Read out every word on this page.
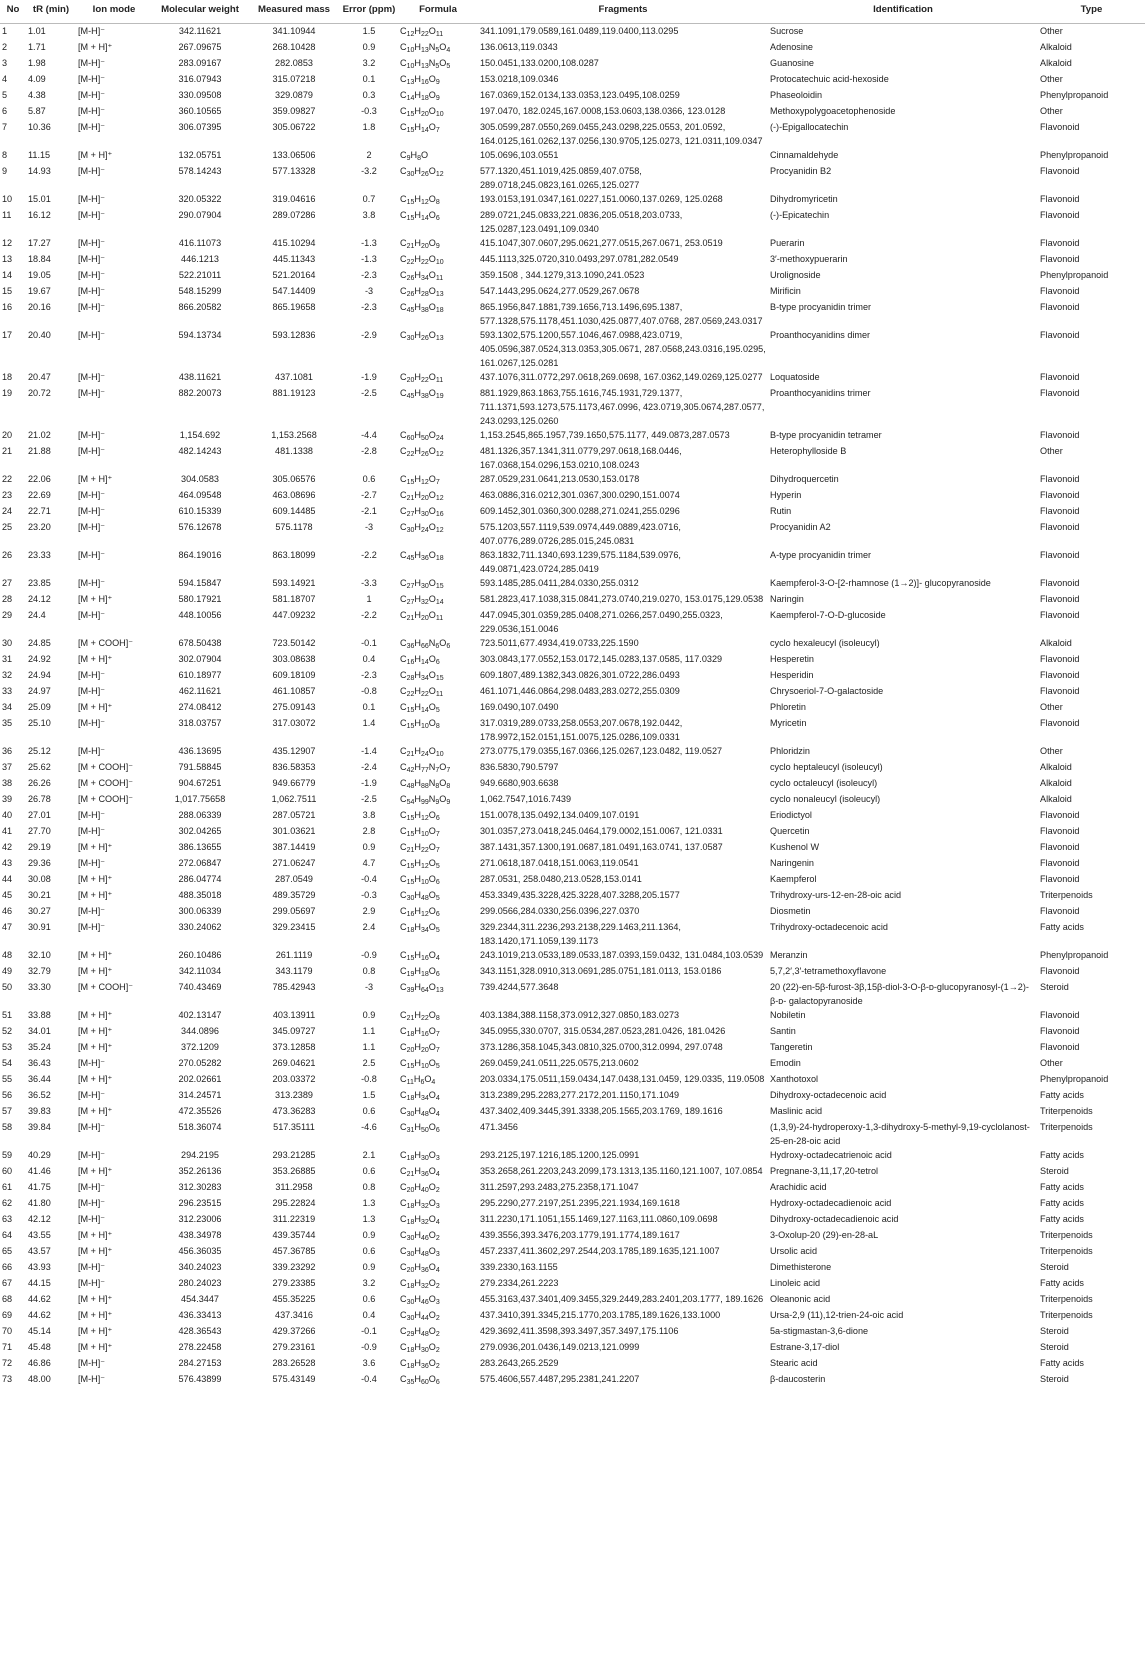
No	tR (min)	Ion mode	Molecular weight	Measured mass	Error (ppm)	Formula	Fragments	Identification	Type
1	1.01	[M-H]⁻	342.11621	341.10944	1.5	$C_{12}H_{22}O_{11}$	341.1091,179.0589,161.0489,119.0400,113.0295	Sucrose	Other
2	1.71	[M + H]⁺	267.09675	268.10428	0.9	$C_{10}H_{13}N_5O_4$	136.0613,119.0343	Adenosine	Alkaloid
3	1.98	[M-H]⁻	283.09167	282.0853	3.2	$C_{10}H_{13}N_5O_5$	150.0451,133.0200,108.0287	Guanosine	Alkaloid
4	4.09	[M-H]⁻	316.07943	315.07218	0.1	$C_{13}H_{16}O_9$	153.0218,109.0346	Protocatechuic acid-hexoside	Other
5	4.38	[M-H]⁻	330.09508	329.0879	0.3	$C_{14}H_{18}O_9$	167.0369,152.0134,133.0353,123.0495,108.0259	Phaseoloidin	Phenylpropanoid
6	5.87	[M-H]⁻	360.10565	359.09827	-0.3	$C_{15}H_{20}O_{10}$	197.0470, 182.0245,167.0008,153.0603,138.0366, 123.0128	Methoxypolygoacetophenoside	Other
7	10.36	[M-H]⁻	306.07395	305.06722	1.8	$C_{15}H_{14}O_7$	305.0599,287.0550,269.0455,243.0298,225.0553, 201.0592, 164.0125,161.0262,137.0256,130.9705,125.0273, 121.0311,109.0347	(-)-Epigallocatechin	Flavonoid
8	11.15	[M + H]⁺	132.05751	133.06506	2	$C_9H_8O$	105.0696,103.0551	Cinnamaldehyde	Phenylpropanoid
9	14.93	[M-H]⁻	578.14243	577.13328	-3.2	$C_{30}H_{26}O_{12}$	577.1320,451.1019,425.0859,407.0758, 289.0718,245.0823,161.0265,125.0277	Procyanidin B2	Flavonoid
10	15.01	[M-H]⁻	320.05322	319.04616	0.7	$C_{15}H_{12}O_8$	193.0153,191.0347,161.0227,151.0060,137.0269, 125.0268	Dihydromyricetin	Flavonoid
11	16.12	[M-H]⁻	290.07904	289.07286	3.8	$C_{15}H_{14}O_6$	289.0721,245.0833,221.0836,205.0518,203.0733, 125.0287,123.0491,109.0340	(-)-Epicatechin	Flavonoid
12	17.27	[M-H]⁻	416.11073	415.10294	-1.3	$C_{21}H_{20}O_9$	415.1047,307.0607,295.0621,277.0515,267.0671, 253.0519	Puerarin	Flavonoid
13	18.84	[M-H]⁻	446.1213	445.11343	-1.3	$C_{22}H_{22}O_{10}$	445.1113,325.0720,310.0493,297.0781,282.0549	3′-methoxypuerarin	Flavonoid
14	19.05	[M-H]⁻	522.21011	521.20164	-2.3	$C_{26}H_{34}O_{11}$	359.1508 , 344.1279,313.1090,241.0523	Urolignoside	Phenylpropanoid
15	19.67	[M-H]⁻	548.15299	547.14409	-3	$C_{26}H_{28}O_{13}$	547.1443,295.0624,277.0529,267.0678	Mirificin	Flavonoid
16	20.16	[M-H]⁻	866.20582	865.19658	-2.3	$C_{45}H_{38}O_{18}$	865.1956,847.1881,739.1656,713.1496,695.1387, 577.1328,575.1178,451.1030,425.0877,407.0768, 287.0569,243.0317	B-type procyanidin trimer	Flavonoid
17	20.40	[M-H]⁻	594.13734	593.12836	-2.9	$C_{30}H_{26}O_{13}$	593.1302,575.1200,557.1046,467.0988,423.0719, 405.0596,387.0524,313.0353,305.0671, 287.0568,243.0316,195.0295, 161.0267,125.0281	Proanthocyanidins dimer	Flavonoid
18	20.47	[M-H]⁻	438.11621	437.1081	-1.9	$C_{20}H_{22}O_{11}$	437.1076,311.0772,297.0618,269.0698, 167.0362,149.0269,125.0277	Loquatoside	Flavonoid
19	20.72	[M-H]⁻	882.20073	881.19123	-2.5	$C_{45}H_{38}O_{19}$	881.1929,863.1863,755.1616,745.1931,729.1377, 711.1371,593.1273,575.1173,467.0996, 423.0719,305.0674,287.0577, 243.0293,125.0260	Proanthocyanidins trimer	Flavonoid
20	21.02	[M-H]⁻	1,154.692	1,153.2568	-4.4	$C_{60}H_{50}O_{24}$	1,153.2545,865.1957,739.1650,575.1177, 449.0873,287.0573	B-type procyanidin tetramer	Flavonoid
21	21.88	[M-H]⁻	482.14243	481.1338	-2.8	$C_{22}H_{26}O_{12}$	481.1326,357.1341,311.0779,297.0618,168.0446, 167.0368,154.0296,153.0210,108.0243	Heterophylloside B	Other
22	22.06	[M + H]⁺	304.0583	305.06576	0.6	$C_{15}H_{12}O_7$	287.0529,231.0641,213.0530,153.0178	Dihydroquercetin	Flavonoid
23	22.69	[M-H]⁻	464.09548	463.08696	-2.7	$C_{21}H_{20}O_{12}$	463.0886,316.0212,301.0367,300.0290,151.0074	Hyperin	Flavonoid
24	22.71	[M-H]⁻	610.15339	609.14485	-2.1	$C_{27}H_{30}O_{16}$	609.1452,301.0360,300.0288,271.0241,255.0296	Rutin	Flavonoid
25	23.20	[M-H]⁻	576.12678	575.1178	-3	$C_{30}H_{24}O_{12}$	575.1203,557.1119,539.0974,449.0889,423.0716, 407.0776,289.0726,285.015,245.0831	Procyanidin A2	Flavonoid
26	23.33	[M-H]⁻	864.19016	863.18099	-2.2	$C_{45}H_{36}O_{18}$	863.1832,711.1340,693.1239,575.1184,539.0976, 449.0871,423.0724,285.0419	A-type procyanidin trimer	Flavonoid
27	23.85	[M-H]⁻	594.15847	593.14921	-3.3	$C_{27}H_{30}O_{15}$	593.1485,285.0411,284.0330,255.0312	Kaempferol-3-O-[2-rhamnose (1→2)]- glucopyranoside	Flavonoid
28	24.12	[M + H]⁺	580.17921	581.18707	1	$C_{27}H_{32}O_{14}$	581.2823,417.1038,315.0841,273.0740,219.0270, 153.0175,129.0538	Naringin	Flavonoid
29	24.4	[M-H]⁻	448.10056	447.09232	-2.2	$C_{21}H_{20}O_{11}$	447.0945,301.0359,285.0408,271.0266,257.0490,255.0323, 229.0536,151.0046	Kaempferol-7-O-D-glucoside	Flavonoid
30	24.85	[M + COOH]⁻	678.50438	723.50142	-0.1	$C_{36}H_{66}N_6O_6$	723.5011,677.4934,419.0733,225.1590	cyclo hexaleucyl (isoleucyl)	Alkaloid
31	24.92	[M + H]⁺	302.07904	303.08638	0.4	$C_{16}H_{14}O_6$	303.0843,177.0552,153.0172,145.0283,137.0585, 117.0329	Hesperetin	Flavonoid
32	24.94	[M-H]⁻	610.18977	609.18109	-2.3	$C_{28}H_{34}O_{15}$	609.1807,489.1382,343.0826,301.0722,286.0493	Hesperidin	Flavonoid
33	24.97	[M-H]⁻	462.11621	461.10857	-0.8	$C_{22}H_{22}O_{11}$	461.1071,446.0864,298.0483,283.0272,255.0309	Chrysoeriol-7-O-galactoside	Flavonoid
34	25.09	[M + H]⁺	274.08412	275.09143	0.1	$C_{15}H_{14}O_5$	169.0490,107.0490	Phloretin	Other
35	25.10	[M-H]⁻	318.03757	317.03072	1.4	$C_{15}H_{10}O_8$	317.0319,289.0733,258.0553,207.0678,192.0442, 178.9972,152.0151,151.0075,125.0286,109.0331	Myricetin	Flavonoid
36	25.12	[M-H]⁻	436.13695	435.12907	-1.4	$C_{21}H_{24}O_{10}$	273.0775,179.0355,167.0366,125.0267,123.0482, 119.0527	Phloridzin	Other
37	25.62	[M + COOH]⁻	791.58845	836.58353	-2.4	$C_{42}H_{77}N_7O_7$	836.5830,790.5797	cyclo heptaleucyl (isoleucyl)	Alkaloid
38	26.26	[M + COOH]⁻	904.67251	949.66779	-1.9	$C_{48}H_{88}N_8O_8$	949.6680,903.6638	cyclo octaleucyl (isoleucyl)	Alkaloid
39	26.78	[M + COOH]⁻	1,017.75658	1,062.7511	-2.5	$C_{54}H_{99}N_9O_9$	1,062.7547,1016.7439	cyclo nonaleucyl (isoleucyl)	Alkaloid
40	27.01	[M-H]⁻	288.06339	287.05721	3.8	$C_{15}H_{12}O_6$	151.0078,135.0492,134.0409,107.0191	Eriodictyol	Flavonoid
41	27.70	[M-H]⁻	302.04265	301.03621	2.8	$C_{15}H_{10}O_7$	301.0357,273.0418,245.0464,179.0002,151.0067, 121.0331	Quercetin	Flavonoid
42	29.19	[M + H]⁺	386.13655	387.14419	0.9	$C_{21}H_{22}O_7$	387.1431,357.1300,191.0687,181.0491,163.0741, 137.0587	Kushenol W	Flavonoid
43	29.36	[M-H]⁻	272.06847	271.06247	4.7	$C_{15}H_{12}O_5$	271.0618,187.0418,151.0063,119.0541	Naringenin	Flavonoid
44	30.08	[M + H]⁺	286.04774	287.0549	-0.4	$C_{15}H_{10}O_6$	287.0531, 258.0480,213.0528,153.0141	Kaempferol	Flavonoid
45	30.21	[M + H]⁺	488.35018	489.35729	-0.3	$C_{30}H_{48}O_5$	453.3349,435.3228,425.3228,407.3288,205.1577	Trihydroxy-urs-12-en-28-oic acid	Triterpenoids
46	30.27	[M-H]⁻	300.06339	299.05697	2.9	$C_{16}H_{12}O_6$	299.0566,284.0330,256.0396,227.0370	Diosmetin	Flavonoid
47	30.91	[M-H]⁻	330.24062	329.23415	2.4	$C_{18}H_{34}O_5$	329.2344,311.2236,293.2138,229.1463,211.1364, 183.1420,171.1059,139.1173	Trihydroxy-octadecenoic acid	Fatty acids
48	32.10	[M + H]⁺	260.10486	261.1119	-0.9	$C_{15}H_{16}O_4$	243.1019,213.0533,189.0533,187.0393,159.0432, 131.0484,103.0539	Meranzin	Phenylpropanoid
49	32.79	[M + H]⁺	342.11034	343.1179	0.8	$C_{19}H_{18}O_6$	343.1151,328.0910,313.0691,285.0751,181.0113, 153.0186	5,7,2′,3′-tetramethoxyflavone	Flavonoid
50	33.30	[M + COOH]⁻	740.43469	785.42943	-3	$C_{39}H_{64}O_{13}$	739.4244,577.3648	20 (22)-en-5β-furost-3β,15β-diol-3-O-β-ᴅ-glucopyranosyl-(1→2)-β-ᴅ- galactopyranoside	Steroid
51	33.88	[M + H]⁺	402.13147	403.13911	0.9	$C_{21}H_{22}O_8$	403.1384,388.1158,373.0912,327.0850,183.0273	Nobiletin	Flavonoid
52	34.01	[M + H]⁺	344.0896	345.09727	1.1	$C_{18}H_{16}O_7$	345.0955,330.0707, 315.0534,287.0523,281.0426, 181.0426	Santin	Flavonoid
53	35.24	[M + H]⁺	372.1209	373.12858	1.1	$C_{20}H_{20}O_7$	373.1286,358.1045,343.0810,325.0700,312.0994, 297.0748	Tangeretin	Flavonoid
54	36.43	[M-H]⁻	270.05282	269.04621	2.5	$C_{15}H_{10}O_5$	269.0459,241.0511,225.0575,213.0602	Emodin	Other
55	36.44	[M + H]⁺	202.02661	203.03372	-0.8	$C_{11}H_6O_4$	203.0334,175.0511,159.0434,147.0438,131.0459, 129.0335, 119.0508	Xanthotoxol	Phenylpropanoid
56	36.52	[M-H]⁻	314.24571	313.2389	1.5	$C_{18}H_{34}O_4$	313.2389,295.2283,277.2172,201.1150,171.1049	Dihydroxy-octadecenoic acid	Fatty acids
57	39.83	[M + H]⁺	472.35526	473.36283	0.6	$C_{30}H_{48}O_4$	437.3402,409.3445,391.3338,205.1565,203.1769, 189.1616	Maslinic acid	Triterpenoids
58	39.84	[M-H]⁻	518.36074	517.35111	-4.6	$C_{31}H_{50}O_6$	471.3456	(1,3,9)-24-hydroperoxy-1,3-dihydroxy-5-methyl-9,19-cyclolanost- 25-en-28-oic acid	Triterpenoids
59	40.29	[M-H]⁻	294.2195	293.21285	2.1	$C_{18}H_{30}O_3$	293.2125,197.1216,185.1200,125.0991	Hydroxy-octadecatrienoic acid	Fatty acids
60	41.46	[M + H]⁺	352.26136	353.26885	0.6	$C_{21}H_{36}O_4$	353.2658,261.2203,243.2099,173.1313,135.1160,121.1007, 107.0854	Pregnane-3,11,17,20-tetrol	Steroid
61	41.75	[M-H]⁻	312.30283	311.2958	0.8	$C_{20}H_{40}O_2$	311.2597,293.2483,275.2358,171.1047	Arachidic acid	Fatty acids
62	41.80	[M-H]⁻	296.23515	295.22824	1.3	$C_{18}H_{32}O_3$	295.2290,277.2197,251.2395,221.1934,169.1618	Hydroxy-octadecadienoic acid	Fatty acids
63	42.12	[M-H]⁻	312.23006	311.22319	1.3	$C_{18}H_{32}O_4$	311.2230,171.1051,155.1469,127.1163,111.0860,109.0698	Dihydroxy-octadecadienoic acid	Fatty acids
64	43.55	[M + H]⁺	438.34978	439.35744	0.9	$C_{30}H_{46}O_2$	439.3556,393.3476,203.1779,191.1774,189.1617	3-Oxolup-20 (29)-en-28-aL	Triterpenoids
65	43.57	[M + H]⁺	456.36035	457.36785	0.6	$C_{30}H_{48}O_3$	457.2337,411.3602,297.2544,203.1785,189.1635,121.1007	Ursolic acid	Triterpenoids
66	43.93	[M-H]⁻	340.24023	339.23292	0.9	$C_{20}H_{36}O_4$	339.2330,163.1155	Dimethisterone	Steroid
67	44.15	[M-H]⁻	280.24023	279.23385	3.2	$C_{18}H_{32}O_2$	279.2334,261.2223	Linoleic acid	Fatty acids
68	44.62	[M + H]⁺	454.3447	455.35225	0.6	$C_{30}H_{46}O_3$	455.3163,437.3401,409.3455,329.2449,283.2401,203.1777, 189.1626	Oleanonic acid	Triterpenoids
69	44.62	[M + H]⁺	436.33413	437.3416	0.4	$C_{30}H_{44}O_2$	437.3410,391.3345,215.1770,203.1785,189.1626,133.1000	Ursa-2,9 (11),12-trien-24-oic acid	Triterpenoids
70	45.14	[M + H]⁺	428.36543	429.37266	-0.1	$C_{29}H_{48}O_2$	429.3692,411.3598,393.3497,357.3497,175.1106	5a-stigmastan-3,6-dione	Steroid
71	45.48	[M + H]⁺	278.22458	279.23161	-0.9	$C_{18}H_{30}O_2$	279.0936,201.0436,149.0213,121.0999	Estrane-3,17-diol	Steroid
72	46.86	[M-H]⁻	284.27153	283.26528	3.6	$C_{18}H_{36}O_2$	283.2643,265.2529	Stearic acid	Fatty acids
73	48.00	[M-H]⁻	576.43899	575.43149	-0.4	$C_{35}H_{60}O_6$	575.4606,557.4487,295.2381,241.2207	β-daucosterin	Steroid
